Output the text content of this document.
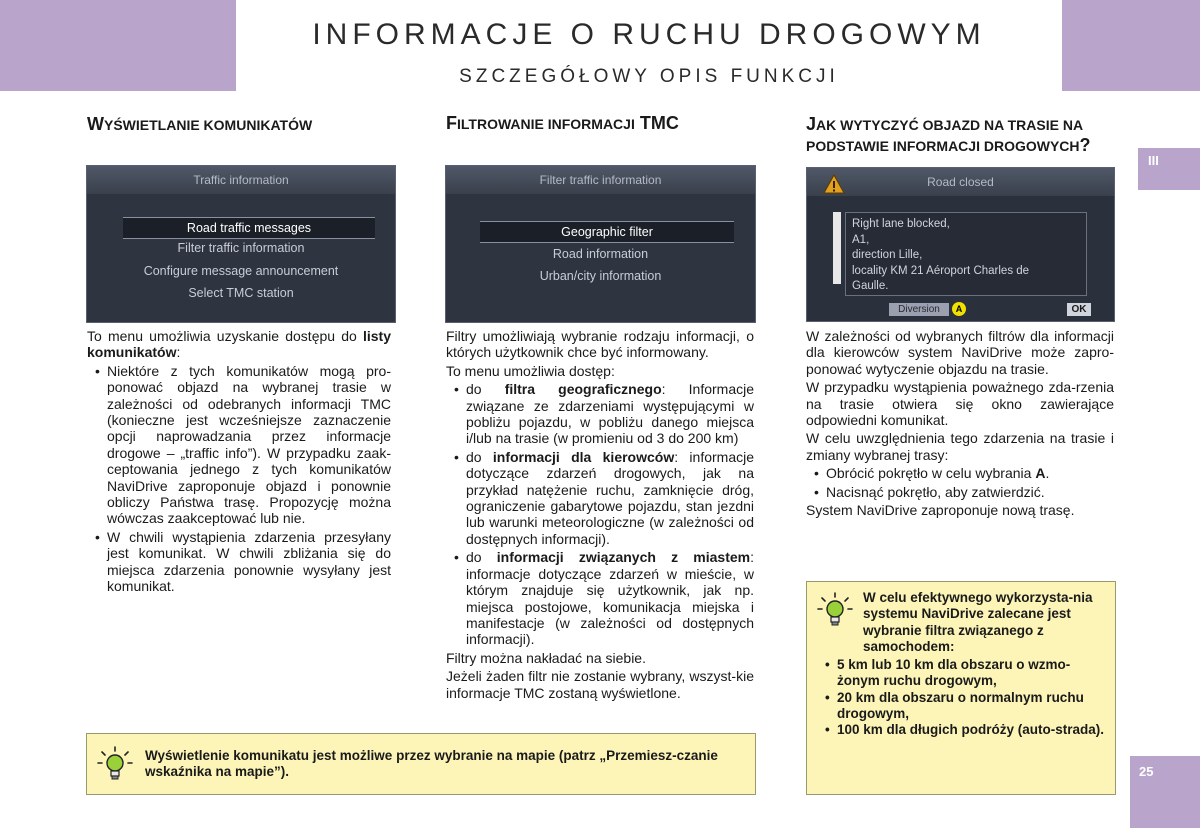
INFORMACJE O RUCHU DROGOWYM
SZCZEGÓŁOWY OPIS FUNKCJI
III
25
WYŚWIETLANIE KOMUNIKATÓW
Traffic information
Road traffic messages
Filter traffic information
Configure message announcement
Select TMC station

To menu umożliwia uzyskanie dostępu do listy komunikatów:

• Niektóre z tych komunikatów mogą pro-ponować objazd na wybranej trasie w zależności od odebranych informacji TMC (konieczne jest wcześniejsze zaznaczenie opcji naprowadzania przez informacje drogowe – „traffic info”). W przypadku zaak-ceptowania jednego z tych komunikatów NaviDrive zaproponuje objazd i ponownie obliczy Państwa trasę. Propozycję można wówczas zaakceptować lub nie.
• W chwili wystąpienia zdarzenia przesyłany jest komunikat. W chwili zbliżania się do miejsca zdarzenia ponownie wysyłany jest komunikat.
FILTROWANIE INFORMACJI TMC
Filter traffic information
Geographic filter
Road information
Urban/city information

Filtry umożliwiają wybranie rodzaju informacji, o których użytkownik chce być informowany.

To menu umożliwia dostęp:

• do filtra geograficznego: Informacje związane ze zdarzeniami występującymi w pobliżu pojazdu, w pobliżu danego miejsca i/lub na trasie (w promieniu od 3 do 200 km)
• do informacji dla kierowców: informacje dotyczące zdarzeń drogowych, jak na przykład natężenie ruchu, zamknięcie dróg, ograniczenie gabarytowe pojazdu, stan jezdni lub warunki meteorologiczne (w zależności od dostępnych informacji).
• do informacji związanych z miastem: informacje dotyczące zdarzeń w mieście, w którym znajduje się użytkownik, jak np. miejsca postojowe, komunikacja miejska i manifestacje (w zależności od dostępnych informacji).

Filtry można nakładać na siebie.

Jeżeli żaden filtr nie zostanie wybrany, wszyst-kie informacje TMC zostaną wyświetlone.

JAK WYTYCZYĆ OBJAZD NA TRASIE NA
PODSTAWIE INFORMACJI DROGOWYCH?
Road closed
Right lane blocked,
A1,
direction Lille,
locality KM 21 Aéroport Charles de
Gaulle.
Diversion	A	OK

W zależności od wybranych filtrów dla informacji dla kierowców system NaviDrive może zapro-ponować wytyczenie objazdu na trasie.

W przypadku wystąpienia poważnego zda-rzenia na trasie otwiera się okno zawierające odpowiedni komunikat.

W celu uwzględnienia tego zdarzenia na trasie i zmiany wybranej trasy:

• Obrócić pokrętło w celu wybrania A.
• Nacisnąć pokrętło, aby zatwierdzić.

System NaviDrive zaproponuje nową trasę.

W celu efektywnego wykorzysta-nia systemu NaviDrive zalecane jest wybranie filtra związanego z samochodem:
• 5 km lub 10 km dla obszaru o wzmo-żonym ruchu drogowym,
• 20 km dla obszaru o normalnym ruchu drogowym,
• 100 km dla długich podróży (auto-strada).
Wyświetlenie komunikatu jest możliwe przez wybranie na mapie (patrz „Przemiesz-czanie wskaźnika na mapie”).
